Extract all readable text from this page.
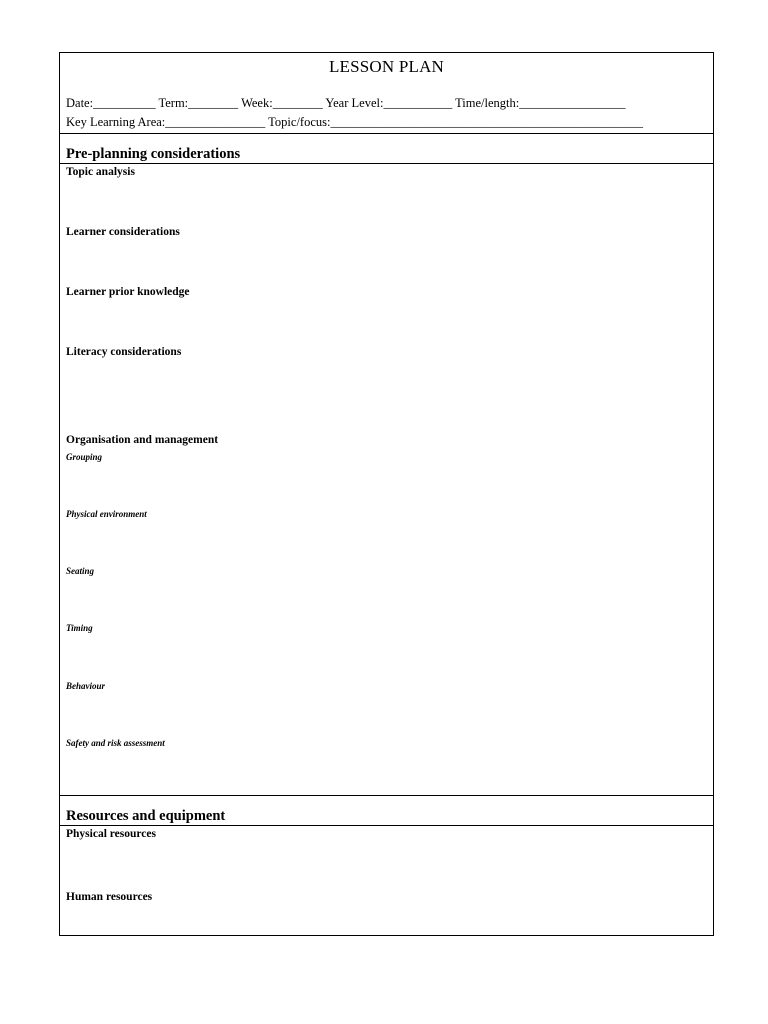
LESSON PLAN
Date:__________ Term:________ Week:________ Year Level:___________ Time/length:_________________
Key Learning Area:________________ Topic/focus:__________________________________________________
Pre-planning considerations
Topic analysis
Learner considerations
Learner prior knowledge
Literacy considerations
Organisation and management
Grouping
Physical environment
Seating
Timing
Behaviour
Safety and risk assessment
Resources and equipment
Physical resources
Human resources
